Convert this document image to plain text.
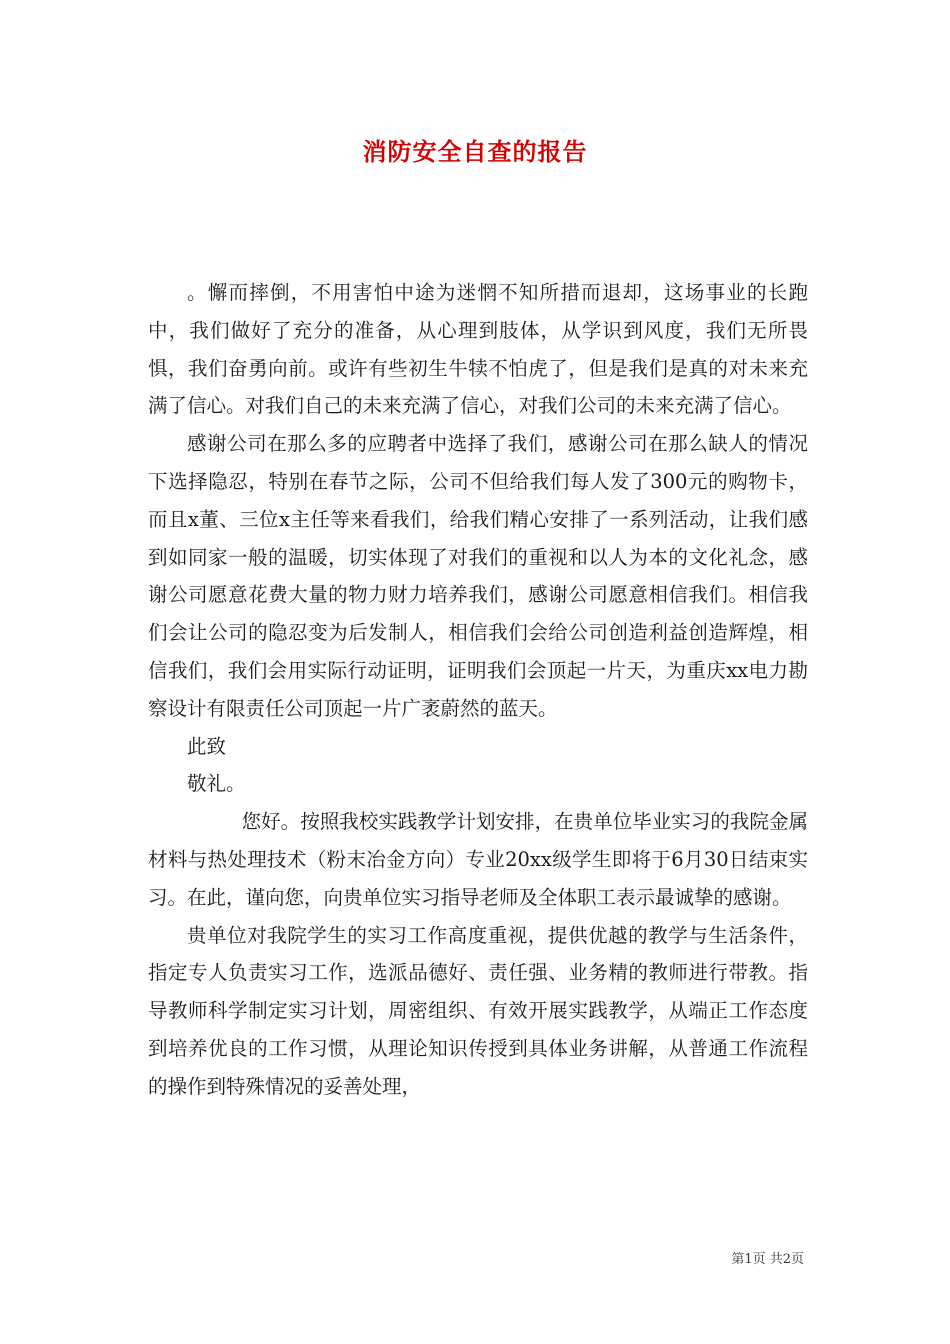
消防安全自查的报告

。懈而摔倒，不用害怕中途为迷惘不知所措而退却，这场事业的长跑中，我们做好了充分的准备，从心理到肢体，从学识到风度，我们无所畏惧，我们奋勇向前。或许有些初生牛犊不怕虎了，但是我们是真的对未来充满了信心。对我们自己的未来充满了信心，对我们公司的未来充满了信心。

感谢公司在那么多的应聘者中选择了我们，感谢公司在那么缺人的情况下选择隐忍，特别在春节之际，公司不但给我们每人发了300元的购物卡，而且x董、三位x主任等来看我们，给我们精心安排了一系列活动，让我们感到如同家一般的温暖，切实体现了对我们的重视和以人为本的文化礼念，感谢公司愿意花费大量的物力财力培养我们，感谢公司愿意相信我们。相信我们会让公司的隐忍变为后发制人，相信我们会给公司创造利益创造辉煌，相信我们，我们会用实际行动证明，证明我们会顶起一片天，为重庆xx电力勘察设计有限责任公司顶起一片广袤蔚然的蓝天。

此致

敬礼。

您好。按照我校实践教学计划安排，在贵单位毕业实习的我院金属材料与热处理技术（粉末冶金方向）专业20xx级学生即将于6月30日结束实习。在此，谨向您，向贵单位实习指导老师及全体职工表示最诚挚的感谢。

贵单位对我院学生的实习工作高度重视，提供优越的教学与生活条件，指定专人负责实习工作，选派品德好、责任强、业务精的教师进行带教。指导教师科学制定实习计划，周密组织、有效开展实践教学，从端正工作态度到培养优良的工作习惯，从理论知识传授到具体业务讲解，从普通工作流程的操作到特殊情况的妥善处理，

第1页 共2页
